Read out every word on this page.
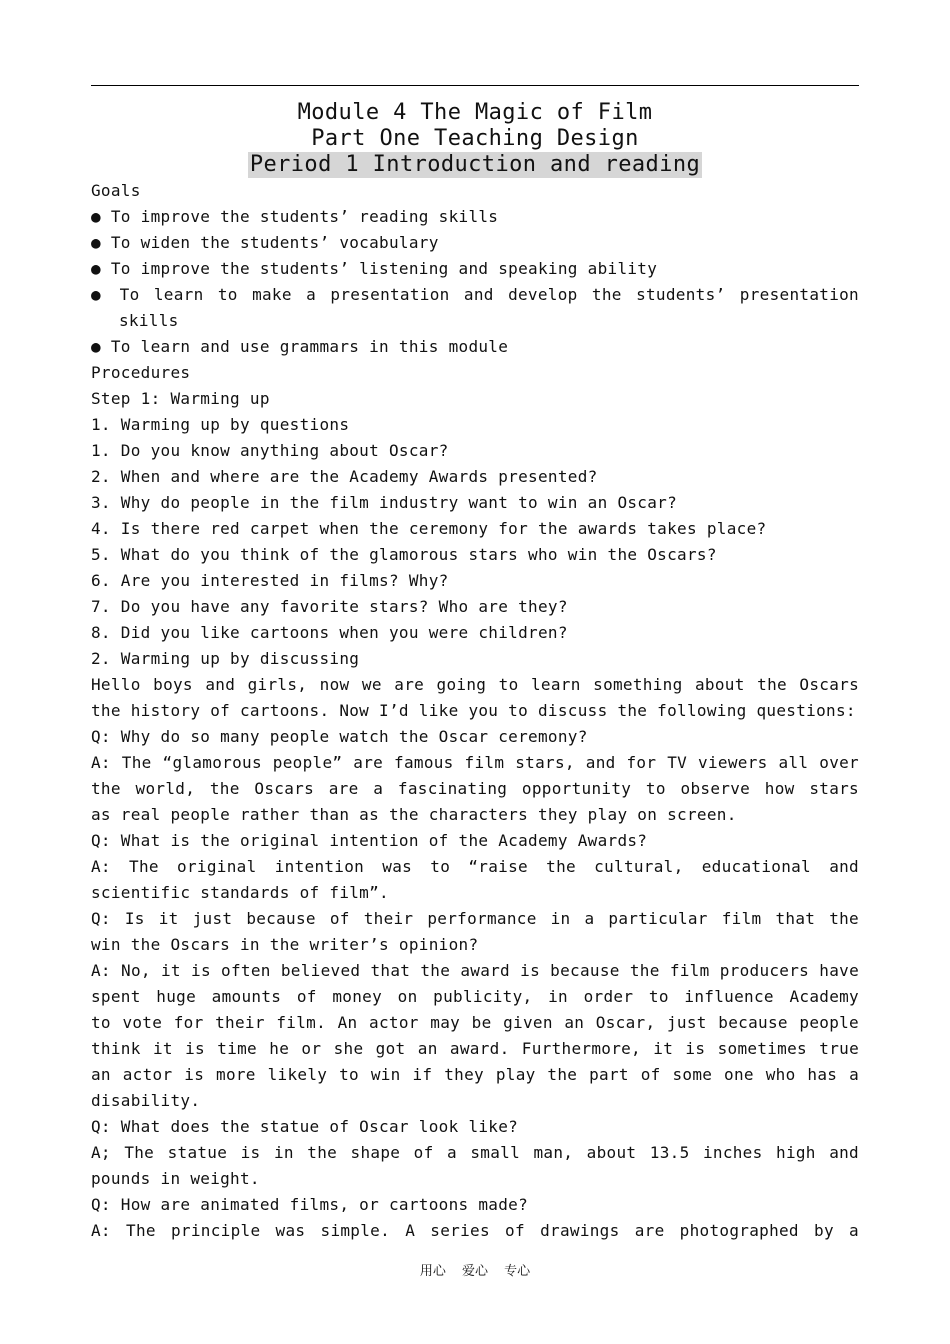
Module 4 The Magic of Film
Part One Teaching Design
Period 1 Introduction and reading
Goals
● To improve the students’ reading skills
● To widen the students’ vocabulary
● To improve the students’ listening and speaking ability
● To learn to make a presentation and develop the students’ presentation
skills
● To learn and use grammars in this module
Procedures
Step 1: Warming up
1. Warming up by questions
1. Do you know anything about Oscar?
2. When and where are the Academy Awards presented?
3. Why do people in the film industry want to win an Oscar?
4. Is there red carpet when the ceremony for the awards takes place?
5. What do you think of the glamorous stars who win the Oscars?
6. Are you interested in films? Why?
7. Do you have any favorite stars? Who are they?
8. Did you like cartoons when you were children?
2. Warming up by discussing
Hello boys and girls, now we are going to learn something about the Oscars
the history of cartoons. Now I’d like you to discuss the following questions:
Q: Why do so many people watch the Oscar ceremony?
A: The “glamorous people” are famous film stars, and for TV viewers all over
the world, the Oscars are a fascinating opportunity to observe how stars
as real people rather than as the characters they play on screen.
Q: What is the original intention of the Academy Awards?
A: The original intention was to “raise the cultural, educational and
scientific standards of film”.
Q: Is it just because of their performance in a particular film that the
win the Oscars in the writer’s opinion?
A: No, it is often believed that the award is because the film producers have
spent huge amounts of money on publicity, in order to influence Academy
to vote for their film. An actor may be given an Oscar, just because people
think it is time he or she got an award. Furthermore, it is sometimes true
an actor is more likely to win if they play the part of some one who has a
disability.
Q: What does the statue of Oscar look like?
A; The statue is in the shape of a small man, about 13.5 inches high and
pounds in weight.
Q: How are animated films, or cartoons made?
A: The principle was simple. A series of drawings are photographed by a
用心 爱心 专心
